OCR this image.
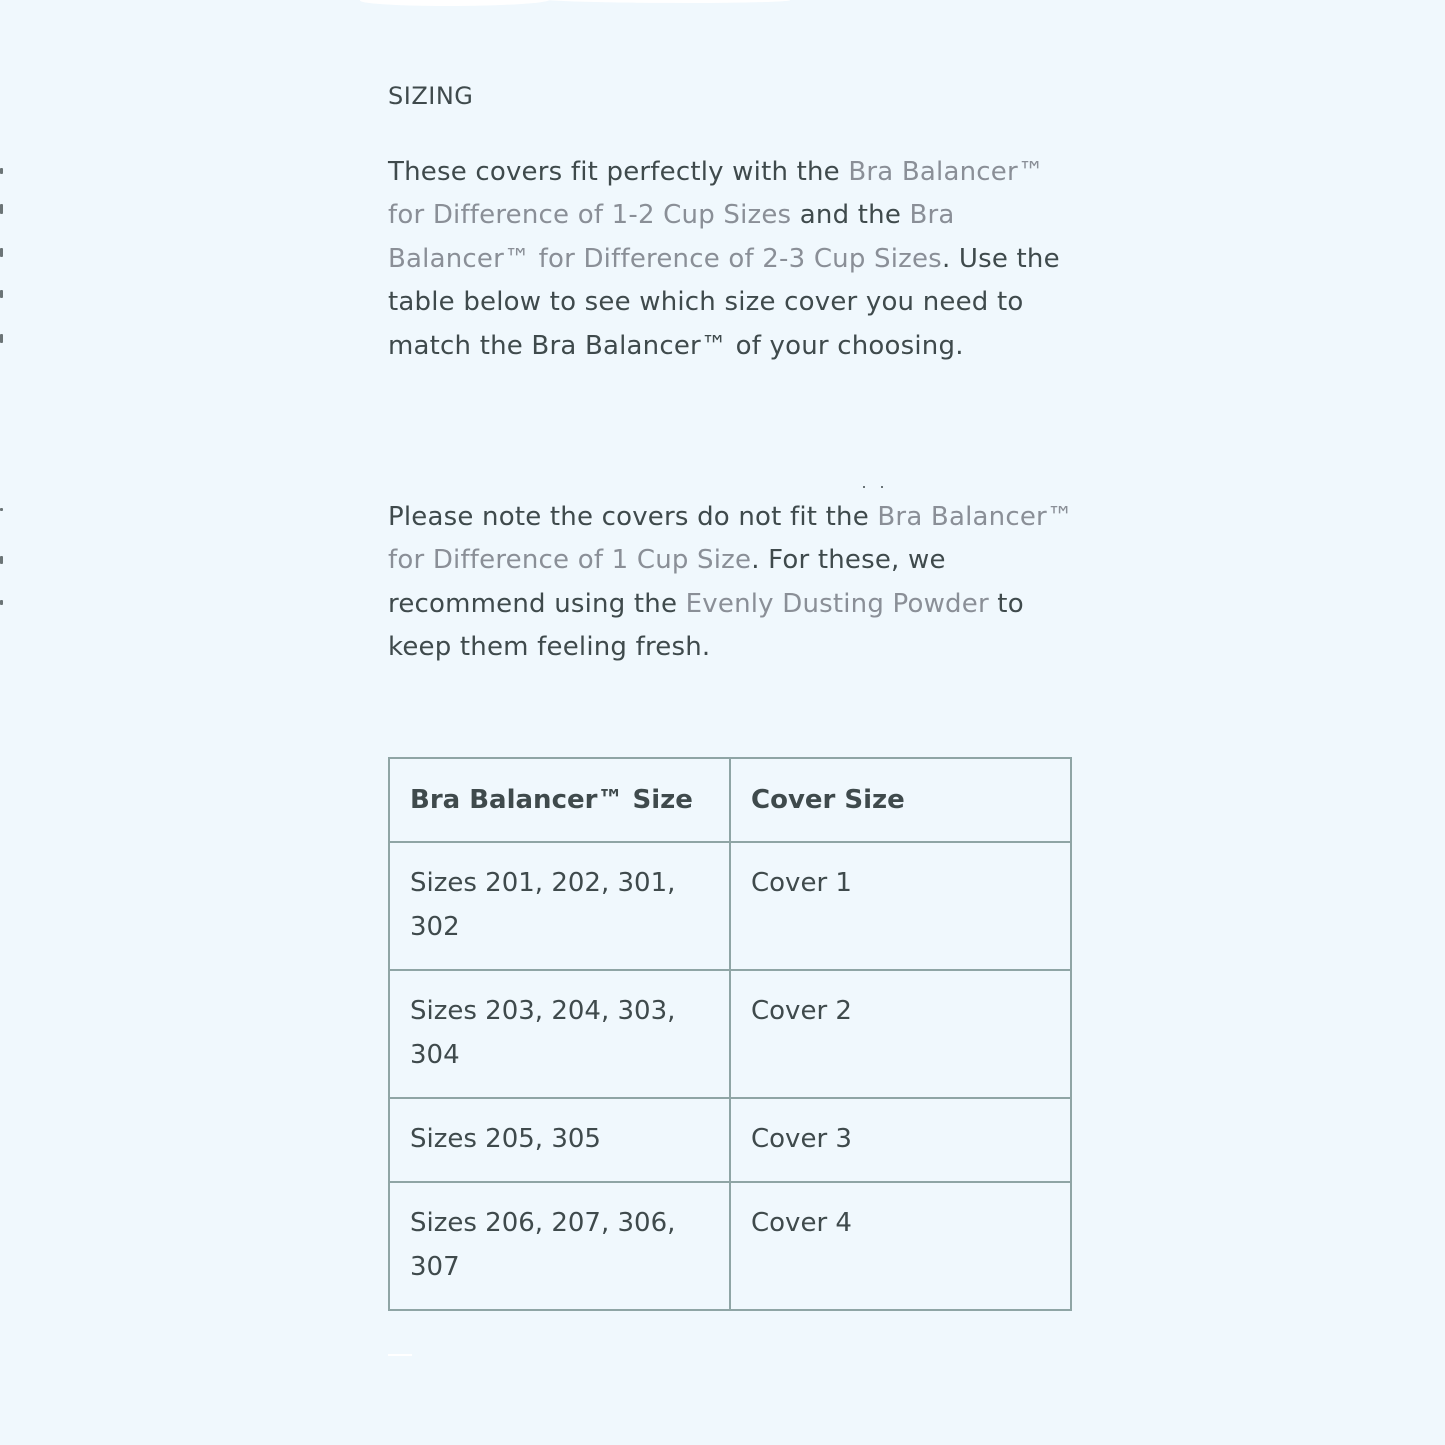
SIZING

These covers fit perfectly with the Bra Balancer™ for Difference of 1-2 Cup Sizes and the Bra Balancer™ for Difference of 2-3 Cup Sizes. Use the table below to see which size cover you need to match the Bra Balancer™ of your choosing.

Please note the covers do not fit the Bra Balancer™ for Difference of 1 Cup Size. For these, we recommend using the Evenly Dusting Powder to keep them feeling fresh.

Bra Balancer™ Size	Cover Size
Sizes 201, 202, 301, 302	Cover 1
Sizes 203, 204, 303, 304	Cover 2
Sizes 205, 305	Cover 3
Sizes 206, 207, 306, 307	Cover 4
